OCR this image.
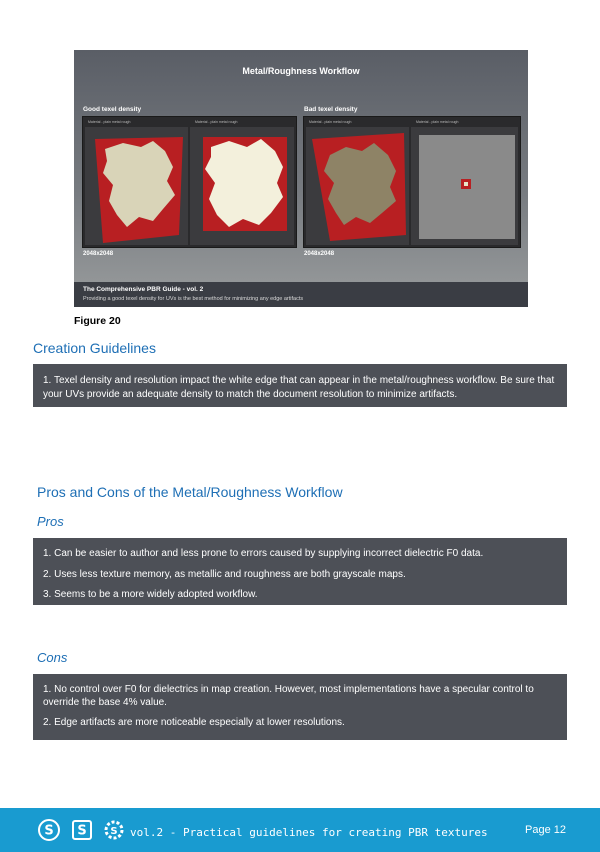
Metal/Roughness Workflow
Good texel density	Bad texel density
Material - plain metal rough	Material - plain metal rough	Material - plain metal rough	Material - plain metal rough
2048x2048	2048x2048
The Comprehensive PBR Guide - vol. 2
Providing a good texel density for UVs is the best method for minimizing any edge artifacts
Figure 20
Creation Guidelines

1. Texel density and resolution impact the white edge that can appear in the metal/roughness workflow. Be sure that your UVs provide an adequate density to match the document resolution to minimize artifacts.

Pros and Cons of the Metal/Roughness Workflow
Pros
1. Can be easier to author and less prone to errors caused by supplying incorrect dielectric F0 data.
2. Uses less texture memory, as metallic and roughness are both grayscale maps.
3. Seems to be a more widely adopted workflow.
Cons
1. No control over F0 for dielectrics in map creation. However, most implementations have a specular control to override the base 4% value.
2. Edge artifacts are more noticeable especially at lower resolutions.
S S S vol.2 - Practical guidelines for creating PBR textures	Page 12
